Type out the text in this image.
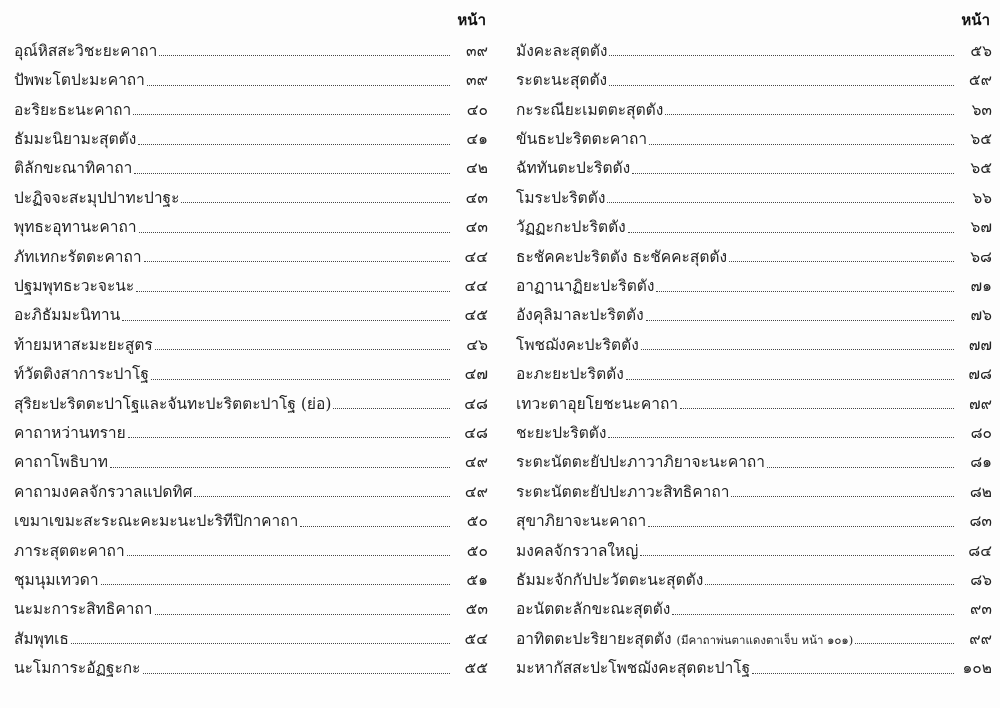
หน้า
อุณ์หิสสะวิชะยะคาถา	๓๙
ปัพพะโตปะมะคาถา	๓๙
อะริยะธะนะคาถา	๔๐
ธัมมะนิยามะสุตตัง	๔๑
ติลักขะณาทิคาถา	๔๒
ปะฏิจจะสะมุปปาทะปาฐะ	๔๓
พุทธะอุทานะคาถา	๔๓
ภัทเทกะรัตตะคาถา	๔๔
ปฐมพุทธะวะจะนะ	๔๔
อะภิธัมมะนิทาน	๔๕
ท้ายมหาสะมะยะสูตร	๔๖
ท์วัตติงสาการะปาโฐ	๔๗
สุริยะปะริตตะปาโฐและจันทะปะริตตะปาโฐ (ย่อ)	๔๘
คาถาหว่านทราย	๔๘
คาถาโพธิบาท	๔๙
คาถามงคลจักรวาลแปดทิศ	๔๙
เขมาเขมะสะระณะคะมะนะปะริทีปิกาคาถา	๕๐
ภาระสุตตะคาถา	๕๐
ชุมนุมเทวดา	๕๑
นะมะการะสิทธิคาถา	๕๓
สัมพุทเธ	๕๔
นะโมการะอัฏฐะกะ	๕๕
หน้า
มังคะละสุตตัง	๕๖
ระตะนะสุตตัง	๕๙
กะระณียะเมตตะสุตตัง	๖๓
ขันธะปะริตตะคาถา	๖๕
ฉัททันตะปะริตตัง	๖๕
โมระปะริตตัง	๖๖
วัฏฏะกะปะริตตัง	๖๗
ธะชัคคะปะริตตัง ธะชัคคะสุตตัง	๖๘
อาฏานาฏิยะปะริตตัง	๗๑
อังคุลิมาละปะริตตัง	๗๖
โพชฌังคะปะริตตัง	๗๗
อะภะยะปะริตตัง	๗๘
เทวะตาอุยโยชะนะคาถา	๗๙
ชะยะปะริตตัง	๘๐
ระตะนัตตะยัปปะภาวาภิยาจะนะคาถา	๘๑
ระตะนัตตะยัปปะภาวะสิทธิคาถา	๘๒
สุขาภิยาจะนะคาถา	๘๓
มงคลจักรวาลใหญ่	๘๔
ธัมมะจักกัปปะวัตตะนะสุตตัง	๘๖
อะนัตตะลักขะณะสุตตัง	๙๓
อาทิตตะปะริยายะสุตตัง (มีคาถาพ่นตาแดงตาเจ็บ หน้า ๑๐๑)	๙๙
มะหากัสสะปะโพชฌังคะสุตตะปาโฐ	๑๐๒
